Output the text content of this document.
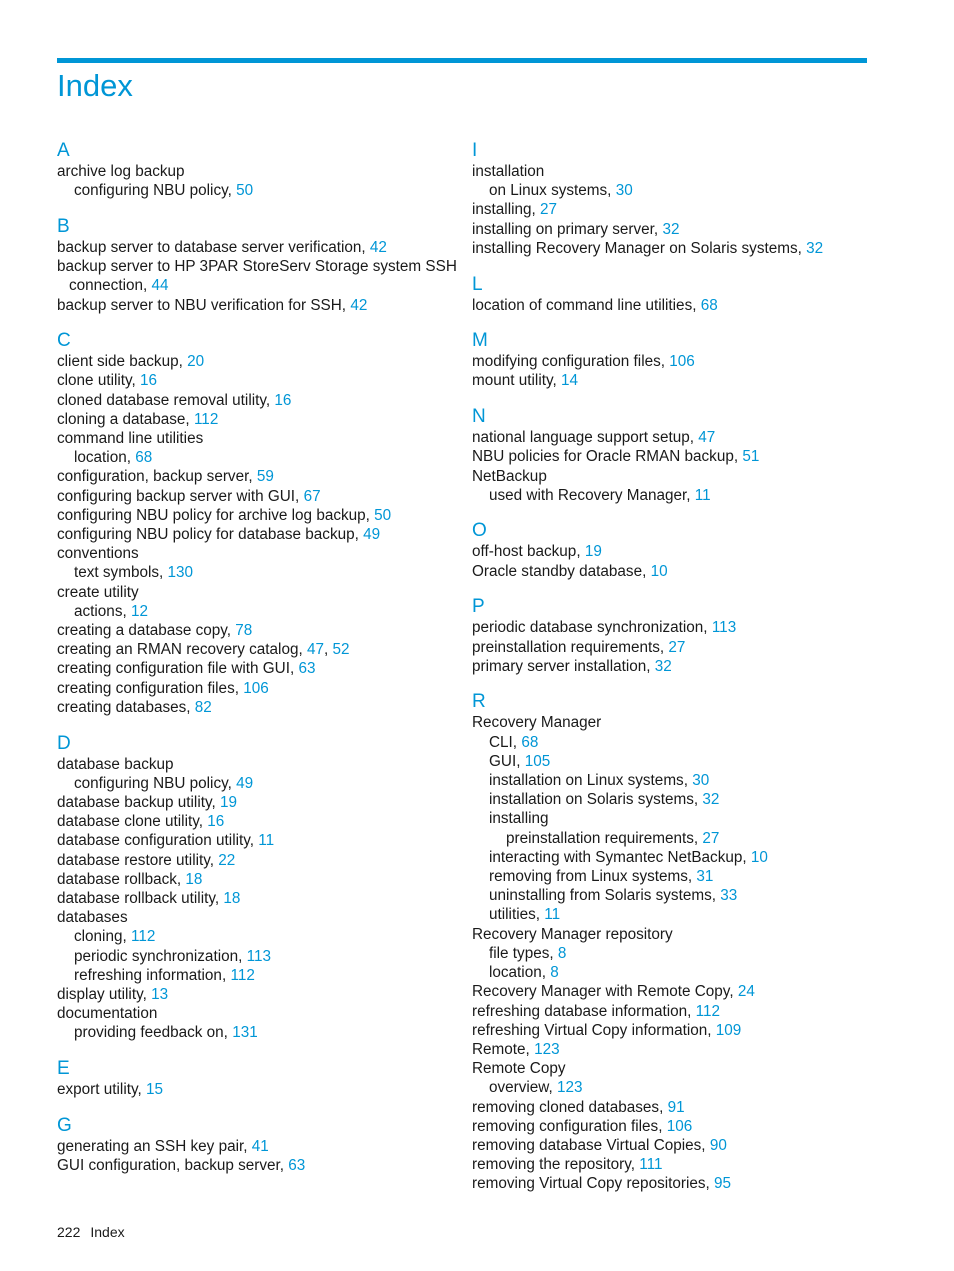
Index
A
archive log backup
configuring NBU policy, 50
B
backup server to database server verification, 42
backup server to HP 3PAR StoreServ Storage system SSH
connection, 44
backup server to NBU verification for SSH, 42
C
client side backup, 20
clone utility, 16
cloned database removal utility, 16
cloning a database, 112
command line utilities
location, 68
configuration, backup server, 59
configuring backup server with GUI, 67
configuring NBU policy for archive log backup, 50
configuring NBU policy for database backup, 49
conventions
text symbols, 130
create utility
actions, 12
creating a database copy, 78
creating an RMAN recovery catalog, 47, 52
creating configuration file with GUI, 63
creating configuration files, 106
creating databases, 82
D
database backup
configuring NBU policy, 49
database backup utility, 19
database clone utility, 16
database configuration utility, 11
database restore utility, 22
database rollback, 18
database rollback utility, 18
databases
cloning, 112
periodic synchronization, 113
refreshing information, 112
display utility, 13
documentation
providing feedback on, 131
E
export utility, 15
G
generating an SSH key pair, 41
GUI configuration, backup server, 63
I
installation
on Linux systems, 30
installing, 27
installing on primary server, 32
installing Recovery Manager on Solaris systems, 32
L
location of command line utilities, 68
M
modifying configuration files, 106
mount utility, 14
N
national language support setup, 47
NBU policies for Oracle RMAN backup, 51
NetBackup
used with Recovery Manager, 11
O
off-host backup, 19
Oracle standby database, 10
P
periodic database synchronization, 113
preinstallation requirements, 27
primary server installation, 32
R
Recovery Manager
CLI, 68
GUI, 105
installation on Linux systems, 30
installation on Solaris systems, 32
installing
preinstallation requirements, 27
interacting with Symantec NetBackup, 10
removing from Linux systems, 31
uninstalling from Solaris systems, 33
utilities, 11
Recovery Manager repository
file types, 8
location, 8
Recovery Manager with Remote Copy, 24
refreshing database information, 112
refreshing Virtual Copy information, 109
Remote, 123
Remote Copy
overview, 123
removing cloned databases, 91
removing configuration files, 106
removing database Virtual Copies, 90
removing the repository, 111
removing Virtual Copy repositories, 95
222 Index
